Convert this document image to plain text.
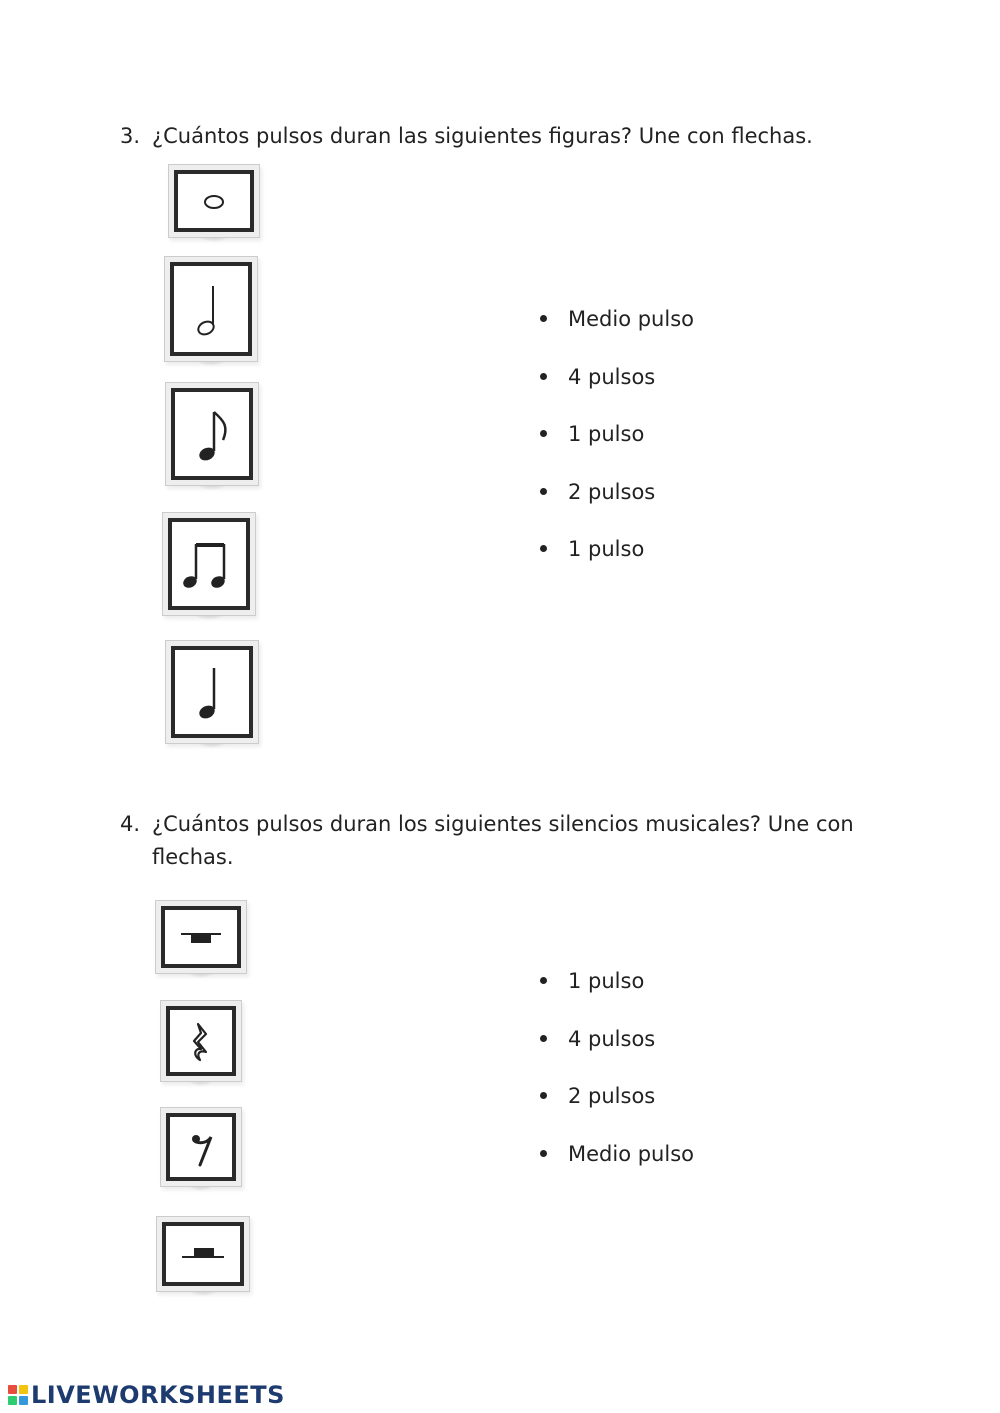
3. ¿Cuántos pulsos duran las siguientes figuras? Une con flechas.
Medio pulso
4 pulsos
1 pulso
2 pulsos
1 pulso
4. ¿Cuántos pulsos duran los siguientes silencios musicales? Une con flechas.
1 pulso
4 pulsos
2 pulsos
Medio pulso
LIVEWORKSHEETS
